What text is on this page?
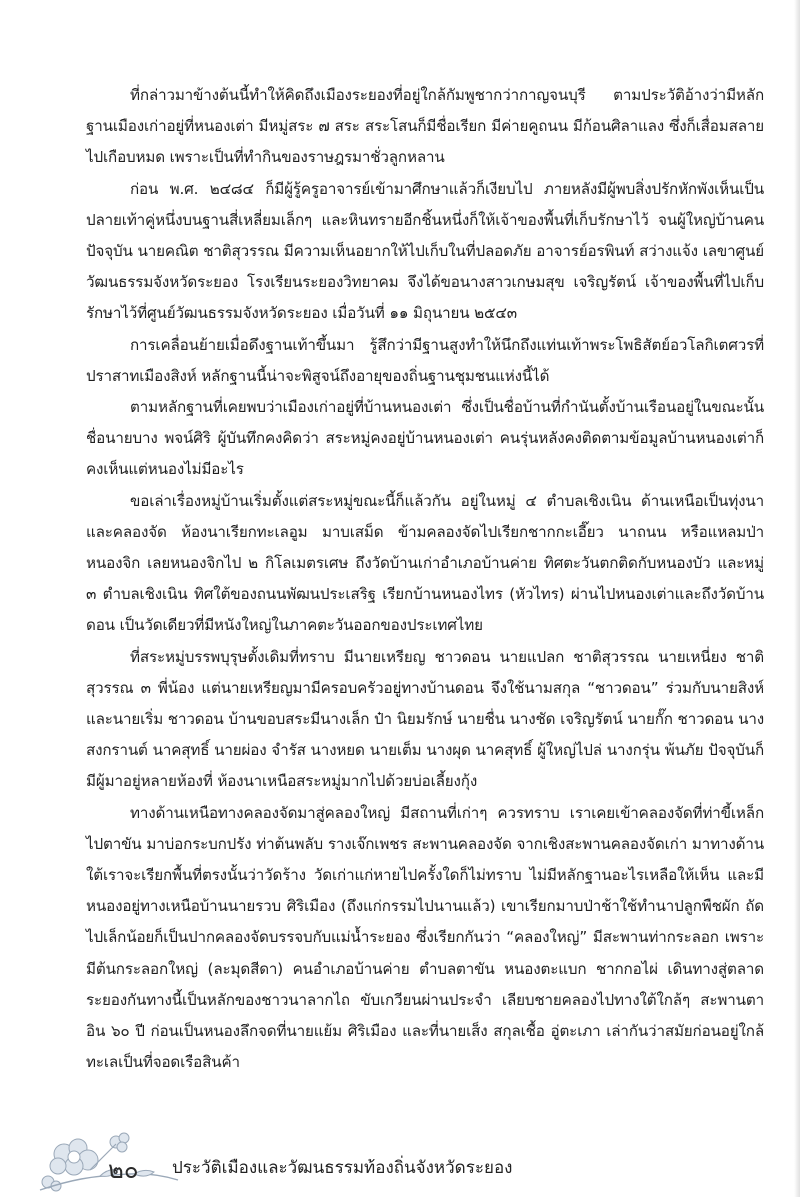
ที่กล่าวมาข้างต้นนี้ทำให้คิดถึงเมืองระยองที่อยู่ใกล้กัมพูชากว่ากาญจนบุรี ตามประวัติอ้างว่ามีหลักฐานเมืองเก่าอยู่ที่หนองเต่า มีหมู่สระ ๗ สระ สระโสนก็มีชื่อเรียก มีค่ายคูถนน มีก้อนศิลาแลง ซึ่งก็เสื่อมสลายไปเกือบหมด เพราะเป็นที่ทำกินของราษฎรมาชั่วลูกหลาน

ก่อน พ.ศ. ๒๔๘๔ ก็มีผู้รู้ครูอาจารย์เข้ามาศึกษาแล้วก็เงียบไป ภายหลังมีผู้พบสิ่งปรักหักพังเห็นเป็นปลายเท้าคู่หนึ่งบนฐานสี่เหลี่ยมเล็กๆ และหินทรายอีกชิ้นหนึ่งก็ให้เจ้าของพื้นที่เก็บรักษาไว้ จนผู้ใหญ่บ้านคนปัจจุบัน นายคณิต ชาติสุวรรณ มีความเห็นอยากให้ไปเก็บในที่ปลอดภัย อาจารย์อรพินท์ สว่างแจ้ง เลขาศูนย์วัฒนธรรมจังหวัดระยอง โรงเรียนระยองวิทยาคม จึงได้ขอนางสาวเกษมสุข เจริญรัตน์ เจ้าของพื้นที่ไปเก็บรักษาไว้ที่ศูนย์วัฒนธรรมจังหวัดระยอง เมื่อวันที่ ๑๑ มิถุนายน ๒๕๔๓

การเคลื่อนย้ายเมื่อดึงฐานเท้าขึ้นมา รู้สึกว่ามีฐานสูงทำให้นึกถึงแท่นเท้าพระโพธิสัตย์อวโลกิเตศวรที่ปราสาทเมืองสิงห์ หลักฐานนี้น่าจะพิสูจน์ถึงอายุของถิ่นฐานชุมชนแห่งนี้ได้

ตามหลักฐานที่เคยพบว่าเมืองเก่าอยู่ที่บ้านหนองเต่า ซึ่งเป็นชื่อบ้านที่กำนันตั้งบ้านเรือนอยู่ในขณะนั้น ชื่อนายบาง พจน์ศิริ ผู้บันทึกคงคิดว่า สระหมู่คงอยู่บ้านหนองเต่า คนรุ่นหลังคงติดตามข้อมูลบ้านหนองเต่าก็คงเห็นแต่หนองไม่มีอะไร

ขอเล่าเรื่องหมู่บ้านเริ่มตั้งแต่สระหมู่ขณะนี้ก็แล้วกัน อยู่ในหมู่ ๔ ตำบลเชิงเนิน ด้านเหนือเป็นทุ่งนา และคลองจัด ห้องนาเรียกทะเลอูม มาบเสม็ด ข้ามคลองจัดไปเรียกชากกะเอี๊ยว นาถนน หรือแหลมป่าหนองจิก เลยหนองจิกไป ๒ กิโลเมตรเศษ ถึงวัดบ้านเก่าอำเภอบ้านค่าย ทิศตะวันตกติดกับหนองบัว และหมู่ ๓ ตำบลเชิงเนิน ทิศใต้ของถนนพัฒนประเสริฐ เรียกบ้านหนองไทร (หัวไทร) ผ่านไปหนองเต่าและถึงวัดบ้านดอน เป็นวัดเดียวที่มีหนังใหญ่ในภาคตะวันออกของประเทศไทย

ที่สระหมู่บรรพบุรุษตั้งเดิมที่ทราบ มีนายเหรียญ ชาวดอน นายแปลก ชาติสุวรรณ นายเหนี่ยง ชาติสุวรรณ ๓ พี่น้อง แต่นายเหรียญมามีครอบครัวอยู่ทางบ้านดอน จึงใช้นามสกุล “ชาวดอน” ร่วมกับนายสิงห์ และนายเริ่ม ชาวดอน บ้านขอบสระมีนางเล็ก ป๋า นิยมรักษ์ นายชื่น นางชัด เจริญรัตน์ นายกั๊ก ชาวดอน นางสงกรานต์ นาคสุทธิ์ นายผ่อง จำรัส นางหยด นายเต็ม นางผุด นาคสุทธิ์ ผู้ใหญ่ไปล่ นางกรุ่น พ้นภัย ปัจจุบันก็มีผู้มาอยู่หลายห้องที่ ห้องนาเหนือสระหมู่มากไปด้วยบ่อเลี้ยงกุ้ง

ทางด้านเหนือทางคลองจัดมาสู่คลองใหญ่ มีสถานที่เก่าๆ ควรทราบ เราเคยเข้าคลองจัดที่ท่าขี้เหล็ก ไปตาขัน มาบ่อกระบกปรัง ท่าต้นพลับ รางเจ๊กเพชร สะพานคลองจัด จากเชิงสะพานคลองจัดเก่า มาทางด้านใต้เราจะเรียกพื้นที่ตรงนั้นว่าวัดร้าง วัดเก่าแก่หายไปครั้งใดก็ไม่ทราบ ไม่มีหลักฐานอะไรเหลือให้เห็น และมีหนองอยู่ทางเหนือบ้านนายรวบ ศิริเมือง (ถึงแก่กรรมไปนานแล้ว) เขาเรียกมาบป่าช้าใช้ทำนาปลูกพืชผัก ถัดไปเล็กน้อยก็เป็นปากคลองจัดบรรจบกับแม่น้ำระยอง ซึ่งเรียกกันว่า “คลองใหญ่” มีสะพานท่ากระลอก เพราะมีต้นกระลอกใหญ่ (ละมุดสีดา) คนอำเภอบ้านค่าย ตำบลตาขัน หนองตะแบก ชากกอไผ่ เดินทางสู่ตลาดระยองกันทางนี้เป็นหลักของชาวนาลากไถ ขับเกวียนผ่านประจำ เลียบชายคลองไปทางใต้ใกล้ๆ สะพานตาอิน ๖๐ ปี ก่อนเป็นหนองลึกจดที่นายแย้ม ศิริเมือง และที่นายเส็ง สกุลเชื้อ อู่ตะเภา เล่ากันว่าสมัยก่อนอยู่ใกล้ทะเลเป็นที่จอดเรือสินค้า

๒๐ ประวัติเมืองและวัฒนธรรมท้องถิ่นจังหวัดระยอง
